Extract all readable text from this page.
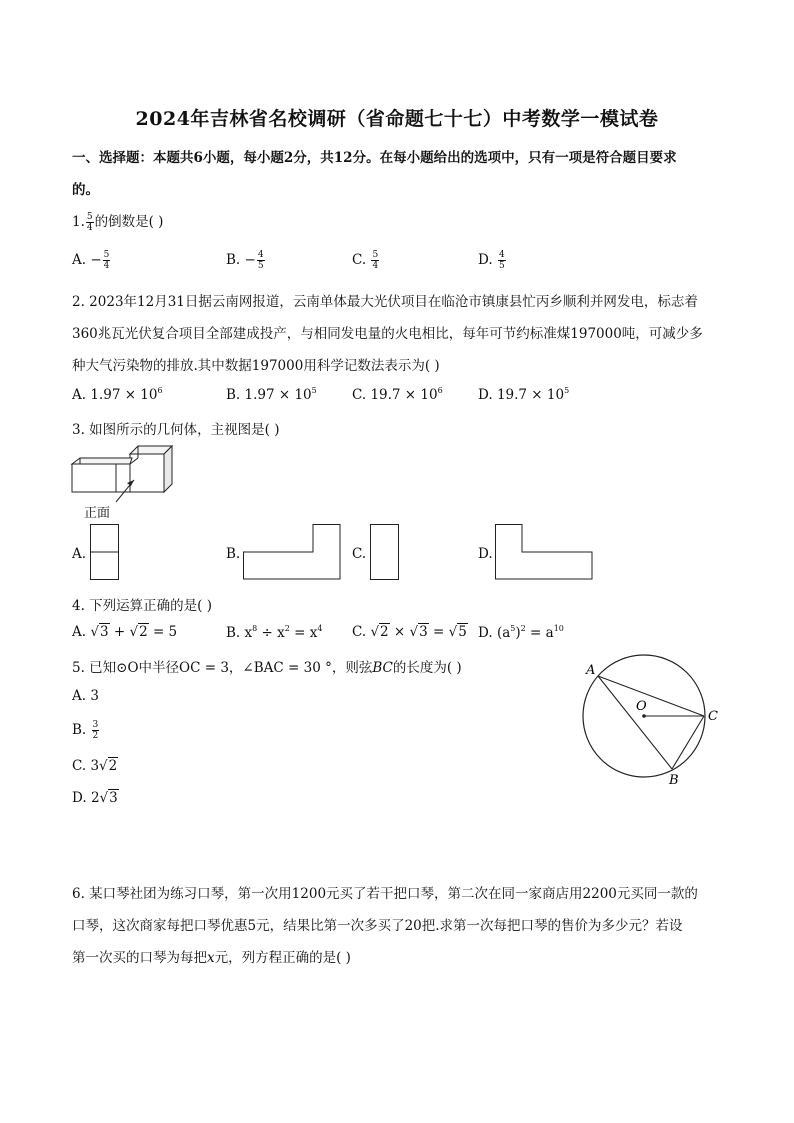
2024年吉林省名校调研（省命题七十七）中考数学一模试卷
一、选择题：本题共6小题，每小题2分，共12分。在每小题给出的选项中，只有一项是符合题目要求
的。
1. $\frac{5}{4}$ 的倒数是( )
A. − $\frac{5}{4}$	B. − $\frac{4}{5}$	C. $\frac{5}{4}$	D. $\frac{4}{5}$
2. 2023年12月31日据云南网报道，云南单体最大光伏项目在临沧市镇康县忙丙乡顺利并网发电，标志着
360兆瓦光伏复合项目全部建成投产，与相同发电量的火电相比，每年可节约标准煤197000吨，可减少多
种大气污染物的排放.其中数据197000用科学记数法表示为( )
A. $1.97 \times 10^6$	B. $1.97 \times 10^5$	C. $19.7 \times 10^6$	D. $19.7 \times 10^5$
3. 如图所示的几何体，主视图是( )
正面
A.	B.	C.	D.
4. 下列运算正确的是( )
A. √3 + √2 = 5	B. $x^8 \div x^2 = x^4$ C. √2 × √3 = √5 D. $(a^5)^2 = a^{10}$
5. 已知⊙O中半径OC = 3，∠BAC = 30 °，则弦BC的长度为( )
A. 3
B. $\frac{3}{2}$
C. 3√2
D. 2√3
A
O
C
B
6. 某口琴社团为练习口琴，第一次用1200元买了若干把口琴，第二次在同一家商店用2200元买同一款的
口琴，这次商家每把口琴优惠5元，结果比第一次多买了20把.求第一次每把口琴的售价为多少元？若设
第一次买的口琴为每把x元，列方程正确的是( )
